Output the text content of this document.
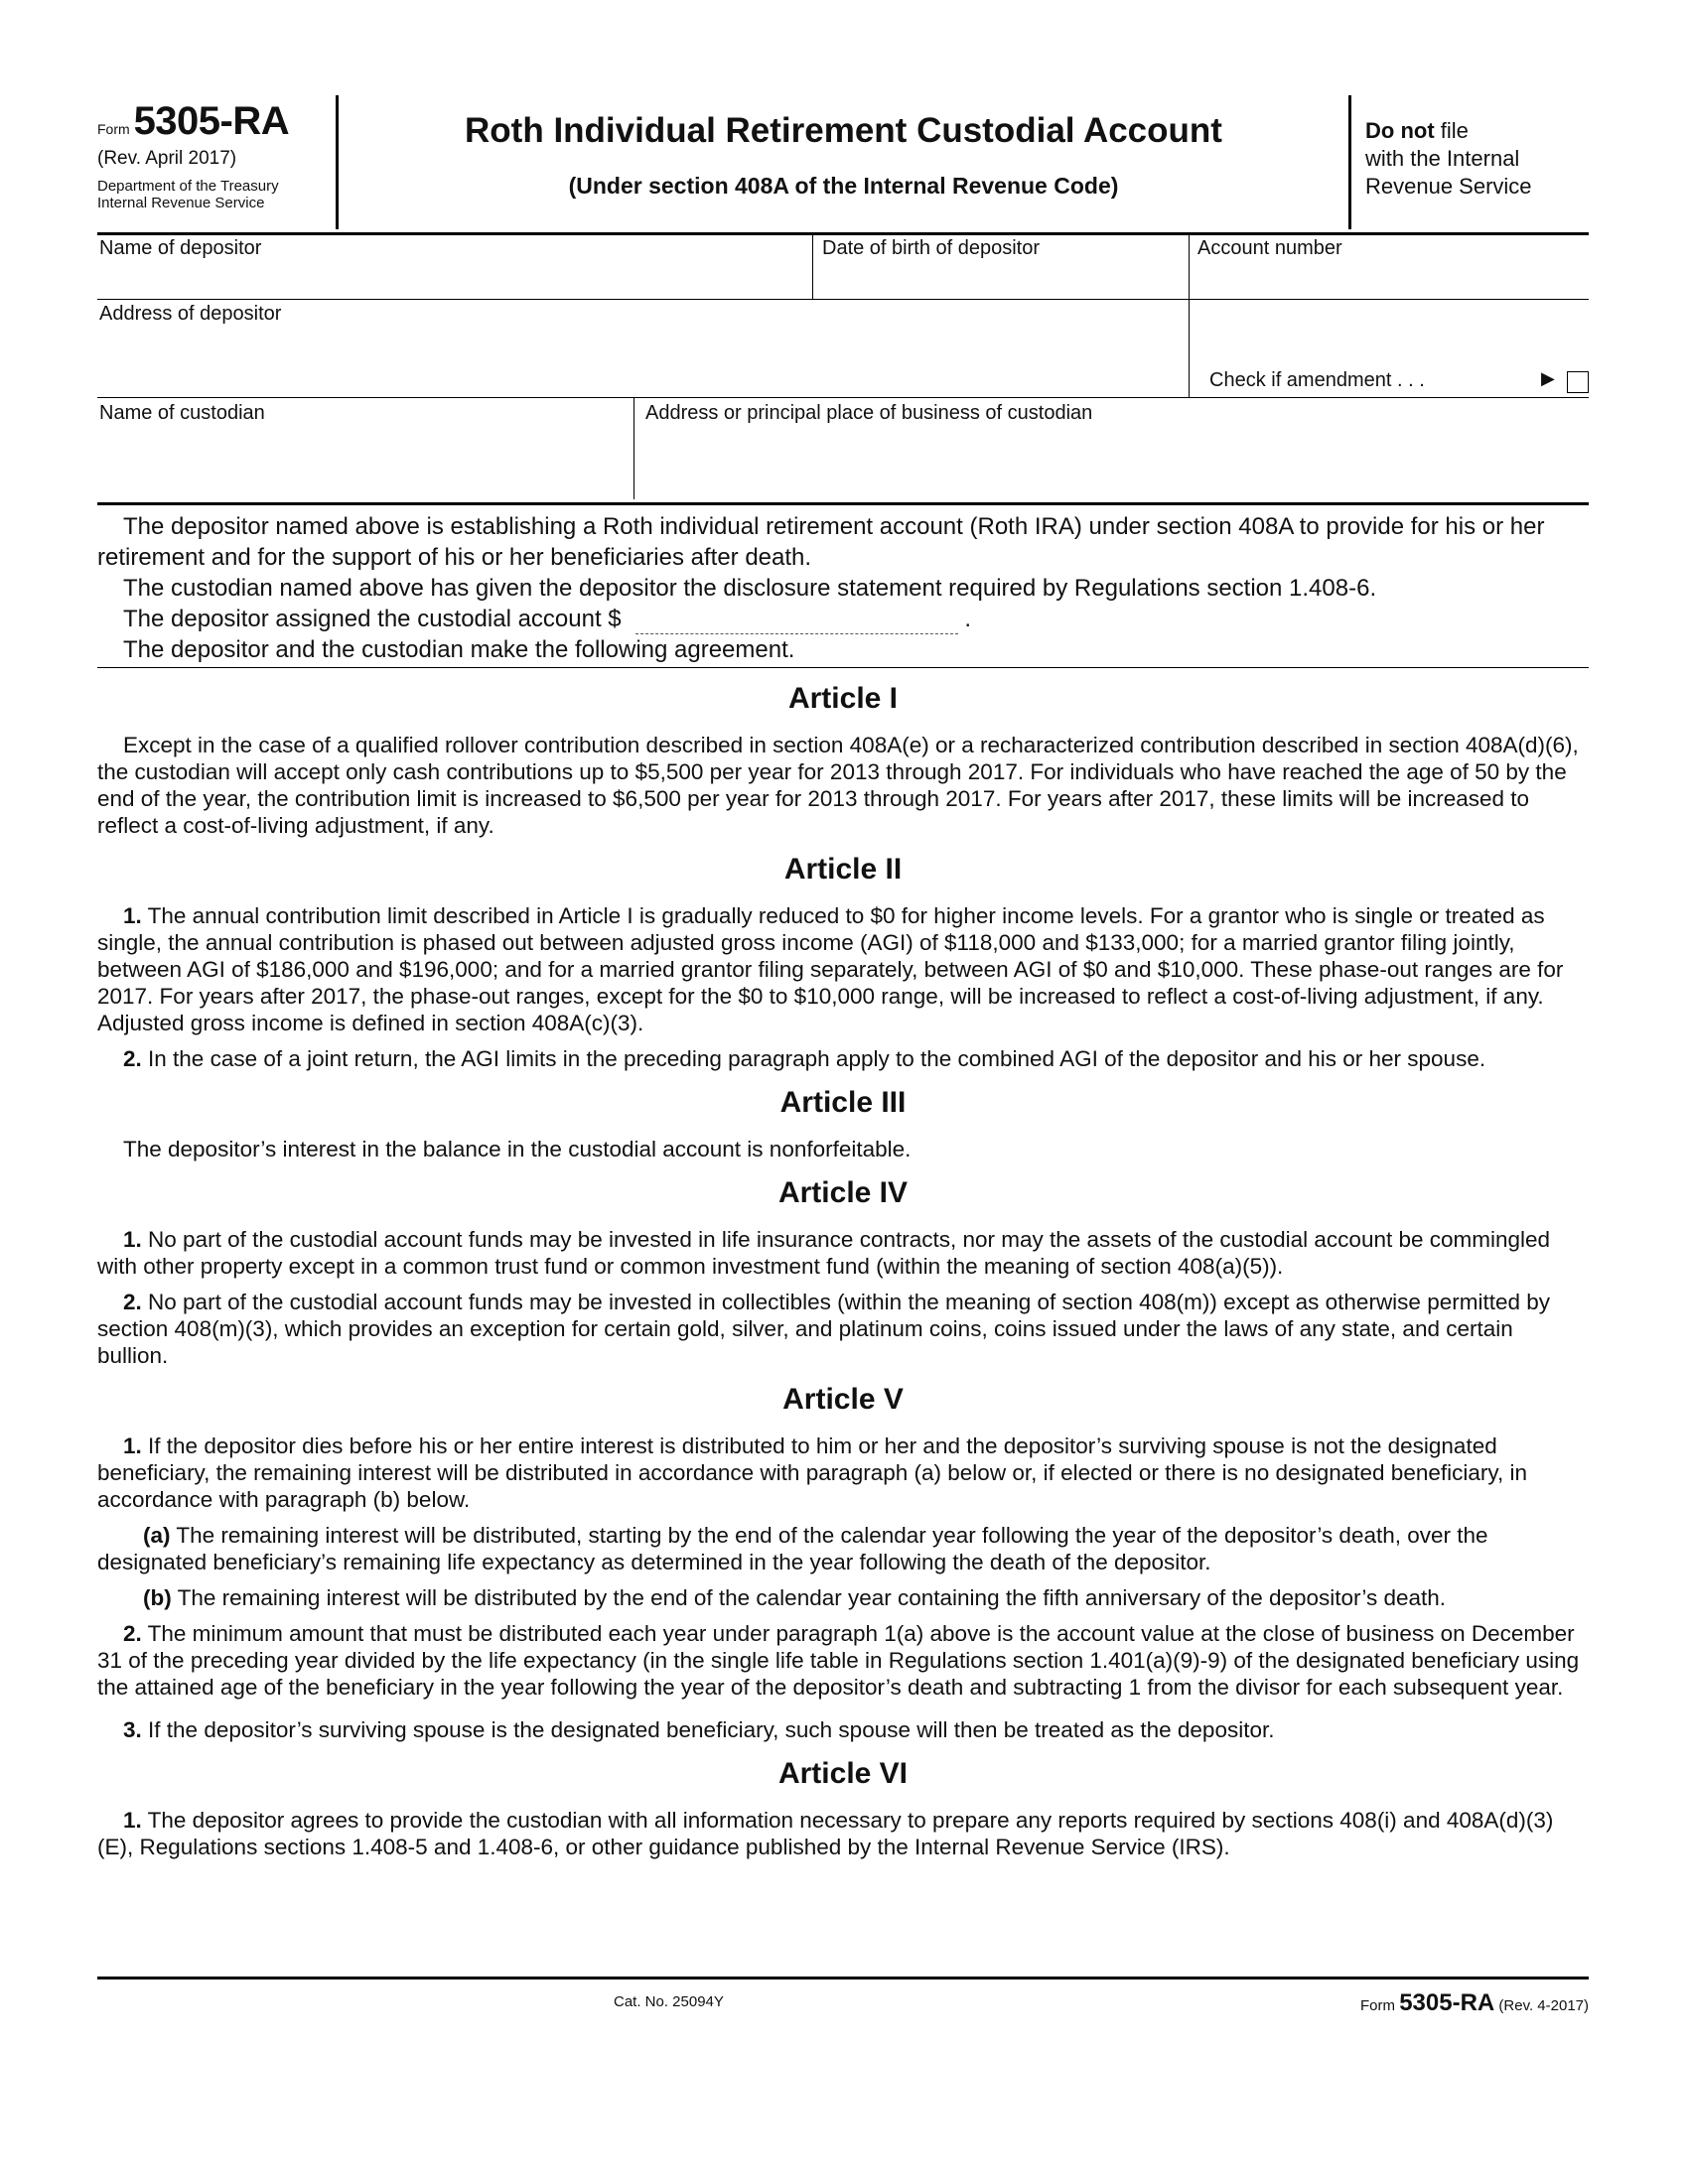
Form 5305-RA
(Rev. April 2017)
Department of the Treasury
Internal Revenue Service
Roth Individual Retirement Custodial Account
(Under section 408A of the Internal Revenue Code)
Do not file
with the Internal
Revenue Service
Name of depositor	Date of birth of depositor	Account number
Address of depositor
Check if amendment . . .	▶
Name of custodian	Address or principal place of business of custodian

The depositor named above is establishing a Roth individual retirement account (Roth IRA) under section 408A to provide for his or her retirement and for the support of his or her beneficiaries after death.

The custodian named above has given the depositor the disclosure statement required by Regulations section 1.408-6.

The depositor assigned the custodial account $	.

The depositor and the custodian make the following agreement.

Article I

Except in the case of a qualified rollover contribution described in section 408A(e) or a recharacterized contribution described in section 408A(d)(6), the custodian will accept only cash contributions up to $5,500 per year for 2013 through 2017. For individuals who have reached the age of 50 by the end of the year, the contribution limit is increased to $6,500 per year for 2013 through 2017. For years after 2017, these limits will be increased to reflect a cost-of-living adjustment, if any.

Article II

1. The annual contribution limit described in Article I is gradually reduced to $0 for higher income levels. For a grantor who is single or treated as single, the annual contribution is phased out between adjusted gross income (AGI) of $118,000 and $133,000; for a married grantor filing jointly, between AGI of $186,000 and $196,000; and for a married grantor filing separately, between AGI of $0 and $10,000. These phase-out ranges are for 2017. For years after 2017, the phase-out ranges, except for the $0 to $10,000 range, will be increased to reflect a cost-of-living adjustment, if any. Adjusted gross income is defined in section 408A(c)(3).

2. In the case of a joint return, the AGI limits in the preceding paragraph apply to the combined AGI of the depositor and his or her spouse.

Article III

The depositor’s interest in the balance in the custodial account is nonforfeitable.

Article IV

1. No part of the custodial account funds may be invested in life insurance contracts, nor may the assets of the custodial account be commingled with other property except in a common trust fund or common investment fund (within the meaning of section 408(a)(5)).

2. No part of the custodial account funds may be invested in collectibles (within the meaning of section 408(m)) except as otherwise permitted by section 408(m)(3), which provides an exception for certain gold, silver, and platinum coins, coins issued under the laws of any state, and certain bullion.

Article V

1. If the depositor dies before his or her entire interest is distributed to him or her and the depositor’s surviving spouse is not the designated beneficiary, the remaining interest will be distributed in accordance with paragraph (a) below or, if elected or there is no designated beneficiary, in accordance with paragraph (b) below.

(a) The remaining interest will be distributed, starting by the end of the calendar year following the year of the depositor’s death, over the designated beneficiary’s remaining life expectancy as determined in the year following the death of the depositor.

(b) The remaining interest will be distributed by the end of the calendar year containing the fifth anniversary of the depositor’s death.

2. The minimum amount that must be distributed each year under paragraph 1(a) above is the account value at the close of business on December 31 of the preceding year divided by the life expectancy (in the single life table in Regulations section 1.401(a)(9)-9) of the designated beneficiary using the attained age of the beneficiary in the year following the year of the depositor’s death and subtracting 1 from the divisor for each subsequent year.

3. If the depositor’s surviving spouse is the designated beneficiary, such spouse will then be treated as the depositor.

Article VI

1. The depositor agrees to provide the custodian with all information necessary to prepare any reports required by sections 408(i) and 408A(d)(3)(E), Regulations sections 1.408-5 and 1.408-6, or other guidance published by the Internal Revenue Service (IRS).

Cat. No. 25094Y	Form 5305-RA (Rev. 4-2017)
